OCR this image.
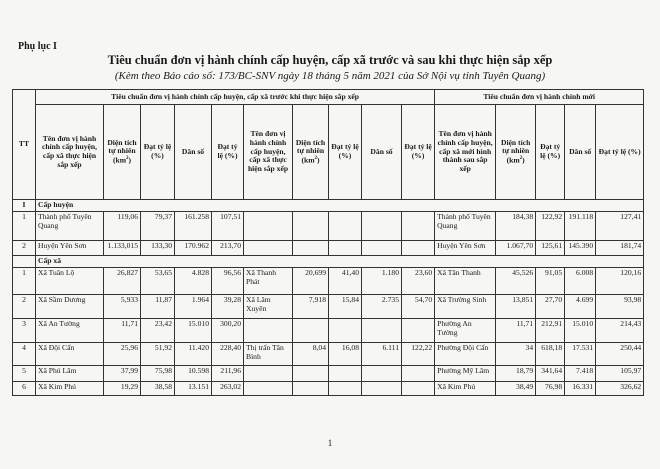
Phụ lục I
Tiêu chuẩn đơn vị hành chính cấp huyện, cấp xã trước và sau khi thực hiện sắp xếp
(Kèm theo Báo cáo số: 173/BC-SNV ngày 18 tháng 5 năm 2021 của Sở Nội vụ tỉnh Tuyên Quang)
TT	Tiêu chuẩn đơn vị hành chính cấp huyện, cấp xã trước khi thực hiện sắp xếp										Tiêu chuẩn đơn vị hành chính mới				
	Tên đơn vị hành chính cấp huyện, cấp xã thực hiện sắp xếp	Diện tích tự nhiên $(km^2)$	Đạt tỷ lệ (%)	Dân số	Đạt tỷ lệ (%)	Tên đơn vị hành chính cấp huyện, cấp xã thực hiện sắp xếp	Diện tích tự nhiên $(km^2)$	Đạt tỷ lệ (%)	Dân số	Đạt tỷ lệ (%)	Tên đơn vị hành chính cấp huyện, cấp xã mới hình thành sau sắp xếp	Diện tích tự nhiên $(km^2)$	Đạt tỷ lệ (%)	Dân số	Đạt tỷ lệ (%)
I	Cấp huyện														
1	Thành phố Tuyên Quang	119,06	79,37	161.258	107,51						Thành phố Tuyên Quang	184,38	122,92	191.118	127,41
2	Huyện Yên Sơn	1.133,015	133,30	170.962	213,70						Huyện Yên Sơn	1.067,70	125,61	145.390	181,74
	Cấp xã														
1	Xã Tuân Lộ	26,827	53,65	4.828	96,56	Xã Thanh Phát	20,699	41,40	1.180	23,60	Xã Tân Thanh	45,526	91,05	6.008	120,16
2	Xã Sầm Dương	5,933	11,87	1.964	39,28	Xã Lâm Xuyên	7,918	15,84	2.735	54,70	Xã Trường Sinh	13,851	27,70	4.699	93,98
3	Xã An Tường	11,71	23,42	15.010	300,20						Phường An Tường	11,71	212,91	15.010	214,43
4	Xã Đội Cấn	25,96	51,92	11.420	228,40	Thị trấn Tân Bình	8,04	16,08	6.111	122,22	Phường Đội Cấn	34	618,18	17.531	250,44
5	Xã Phú Lâm	37,99	75,98	10.598	211,96						Phường Mỹ Lâm	18,79	341,64	7.418	105,97
6	Xã Kim Phú	19,29	38,58	13.151	263,02						Xã Kim Phú	38,49	76,98	16.331	326,62
1
